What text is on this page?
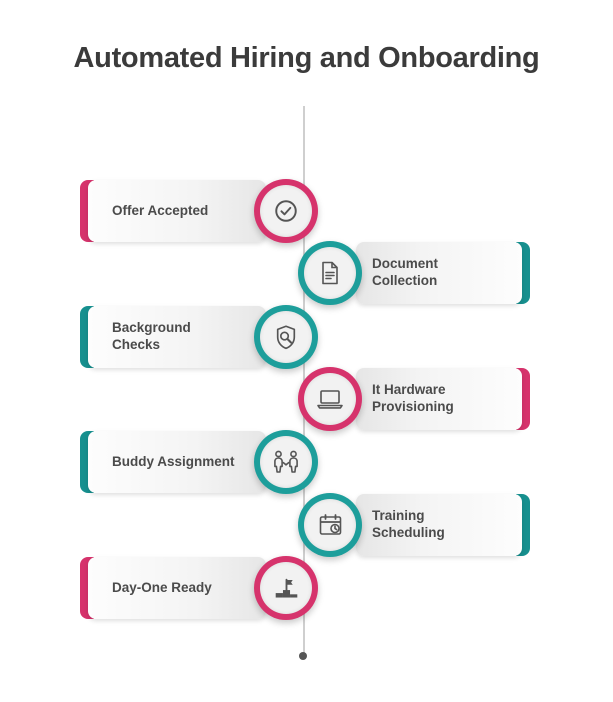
Automated Hiring and Onboarding
Offer Accepted
Document Collection
Background Checks
It Hardware Provisioning
Buddy Assignment
Training Scheduling
Day-One Ready
